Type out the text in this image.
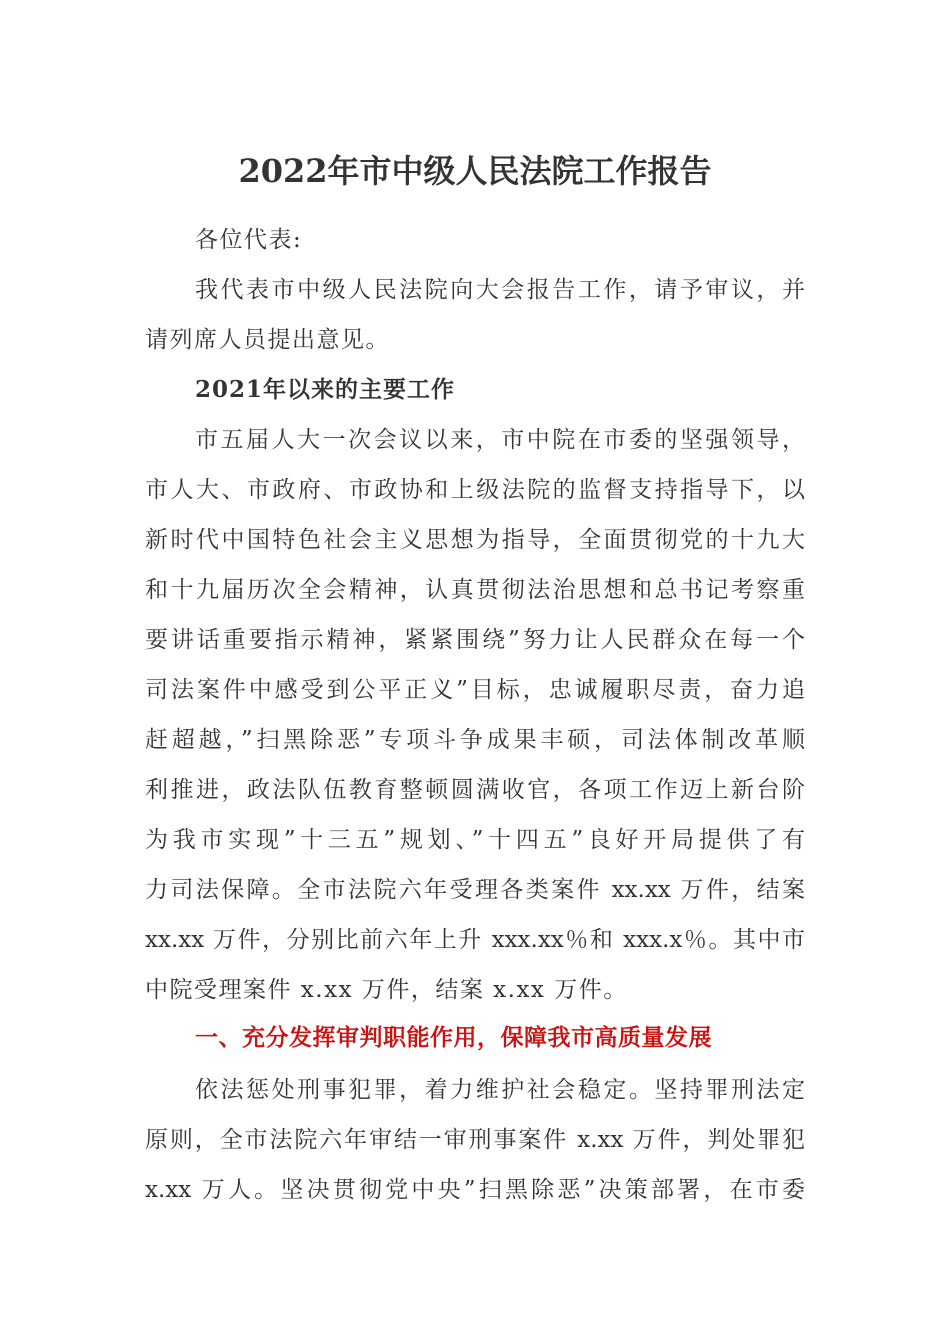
2022年市中级人民法院工作报告
各位代表:
我代表市中级人民法院向大会报告工作，请予审议，并
请列席人员提出意见。
2021年以来的主要工作
市五届人大一次会议以来，市中院在市委的坚强领导，
市人大、市政府、市政协和上级法院的监督支持指导下，以
新时代中国特色社会主义思想为指导，全面贯彻党的十九大
和十九届历次全会精神，认真贯彻法治思想和总书记考察重
要讲话重要指示精神，紧紧围绕”努力让人民群众在每一个
司法案件中感受到公平正义”目标，忠诚履职尽责，奋力追
赶超越，”扫黑除恶”专项斗争成果丰硕，司法体制改革顺
利推进，政法队伍教育整顿圆满收官，各项工作迈上新台阶
为我市实现”十三五”规划、”十四五”良好开局提供了有
力司法保障。全市法院六年受理各类案件 xx.xx 万件，结案
xx.xx 万件，分别比前六年上升 xxx.xx％和 xxx.x％。其中市
中院受理案件 x.xx 万件，结案 x.xx 万件。
一、充分发挥审判职能作用，保障我市高质量发展
依法惩处刑事犯罪，着力维护社会稳定。坚持罪刑法定
原则，全市法院六年审结一审刑事案件 x.xx 万件，判处罪犯
x.xx 万人。坚决贯彻党中央”扫黑除恶”决策部署，在市委
